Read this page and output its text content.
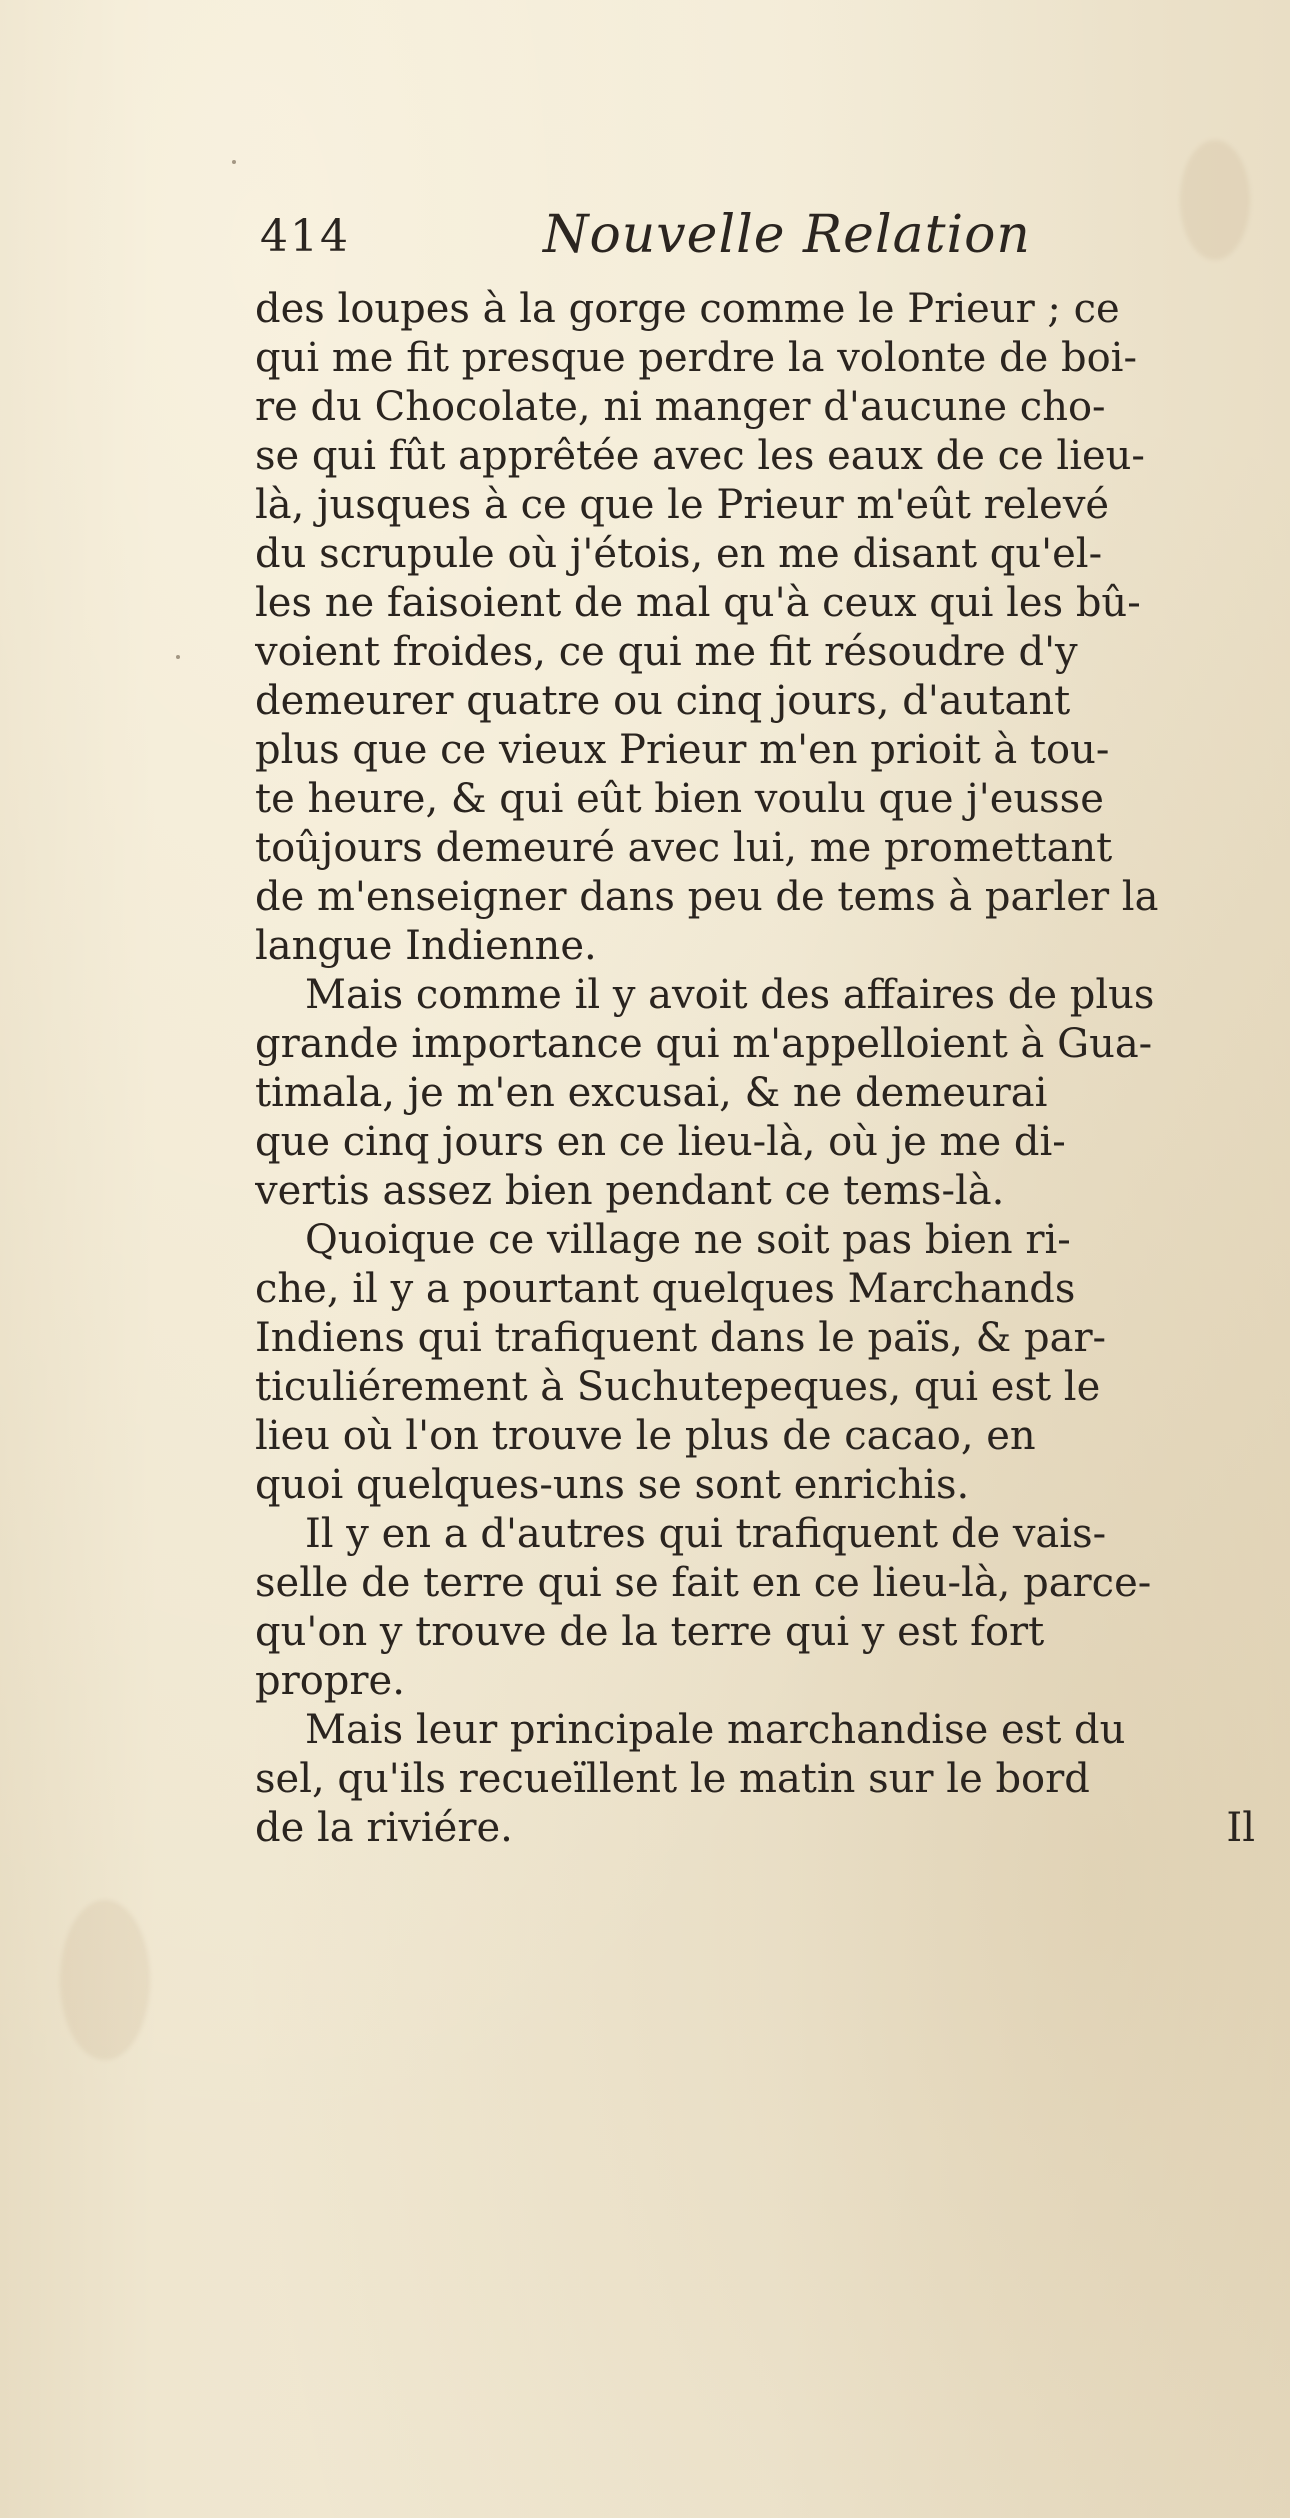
414	Nouvelle Relation
des loupes à la gorge comme le Prieur ; ce
qui me fit presque perdre la volonte de boi-
re du Chocolate, ni manger d'aucune cho-
se qui fût apprêtée avec les eaux de ce lieu-
là, jusques à ce que le Prieur m'eût relevé
du scrupule où j'étois, en me disant qu'el-
les ne faisoient de mal qu'à ceux qui les bû-
voient froides, ce qui me fit résoudre d'y
demeurer quatre ou cinq jours, d'autant
plus que ce vieux Prieur m'en prioit à tou-
te heure, & qui eût bien voulu que j'eusse
toûjours demeuré avec lui, me promettant
de m'enseigner dans peu de tems à parler la
langue Indienne.
Mais comme il y avoit des affaires de plus
grande importance qui m'appelloient à Gua-
timala, je m'en excusai, & ne demeurai
que cinq jours en ce lieu-là, où je me di-
vertis assez bien pendant ce tems-là.
Quoique ce village ne soit pas bien ri-
che, il y a pourtant quelques Marchands
Indiens qui trafiquent dans le païs, & par-
ticuliérement à Suchutepeques, qui est le
lieu où l'on trouve le plus de cacao, en
quoi quelques-uns se sont enrichis.
Il y en a d'autres qui trafiquent de vais-
selle de terre qui se fait en ce lieu-là, parce-
qu'on y trouve de la terre qui y est fort
propre.
Mais leur principale marchandise est du
sel, qu'ils recueïllent le matin sur le bord
de la riviére.	Il
